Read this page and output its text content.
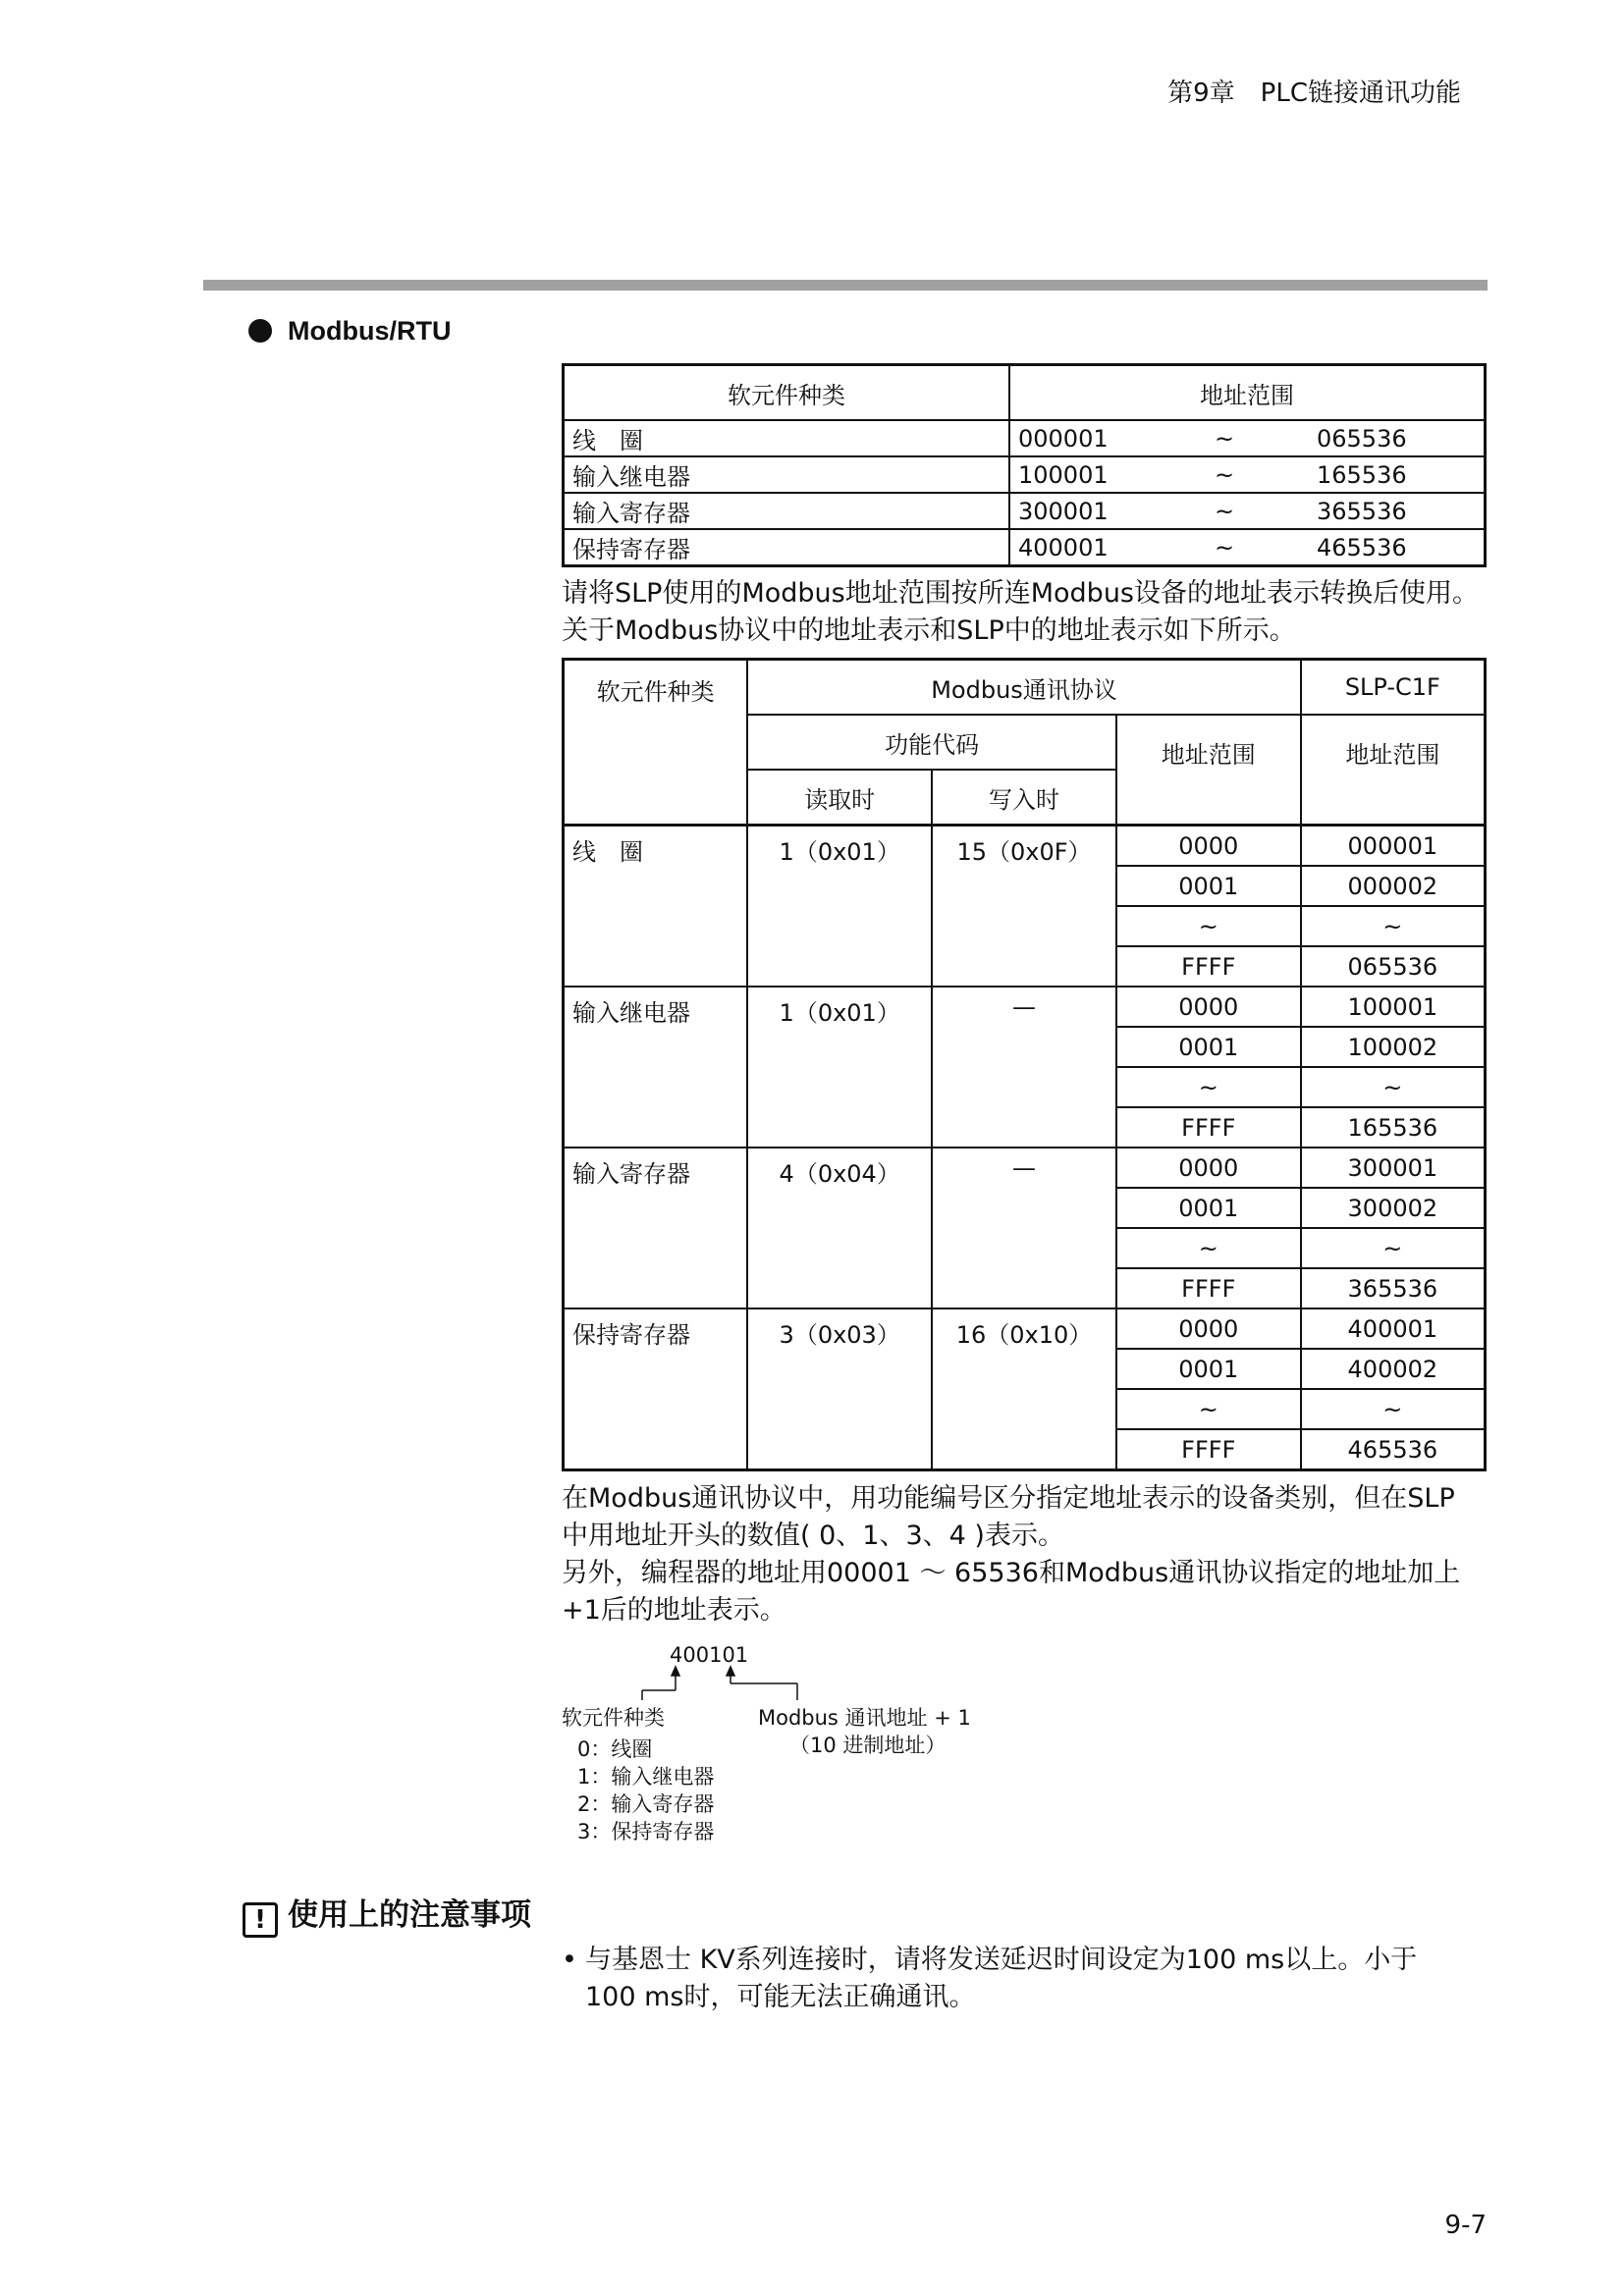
第9章　PLC链接通讯功能
Modbus/RTU
软元件种类	地址范围
线　圈	000001 ~ 065536

输入继电器	100001 ~ 165536

输入寄存器	300001 ~ 365536

保持寄存器	400001 ~ 465536
请将SLP使用的Modbus地址范围按所连Modbus设备的地址表示转换后使用。
关于Modbus协议中的地址表示和SLP中的地址表示如下所示。
软元件种类	Modbus通讯协议			SLP-C1F
	功能代码		地址范围	地址范围
	读取时	写入时		
线　圈	1（0x01）	15（0x0F）	0000	000001
			0001	000002
			~	~
			FFFF	065536
输入继电器	1（0x01）	—	0000	100001
			0001	100002
			~	~
			FFFF	165536
输入寄存器	4（0x04）	—	0000	300001
			0001	300002
			~	~
			FFFF	365536
保持寄存器	3（0x03）	16（0x10）	0000	400001
			0001	400002
			~	~
			FFFF	465536
在Modbus通讯协议中，用功能编号区分指定地址表示的设备类别，但在SLP
中用地址开头的数值( 0、1、3、4 )表示。
另外，编程器的地址用00001 ～ 65536和Modbus通讯协议指定的地址加上
+1后的地址表示。
400101
软元件种类	Modbus 通讯地址 + 1
（10 进制地址）
0：线圈
1：输入继电器
2：输入寄存器
3：保持寄存器
! 使用上的注意事项
• 与基恩士 KV系列连接时，请将发送延迟时间设定为100 ms以上。小于
100 ms时，可能无法正确通讯。
9-7
